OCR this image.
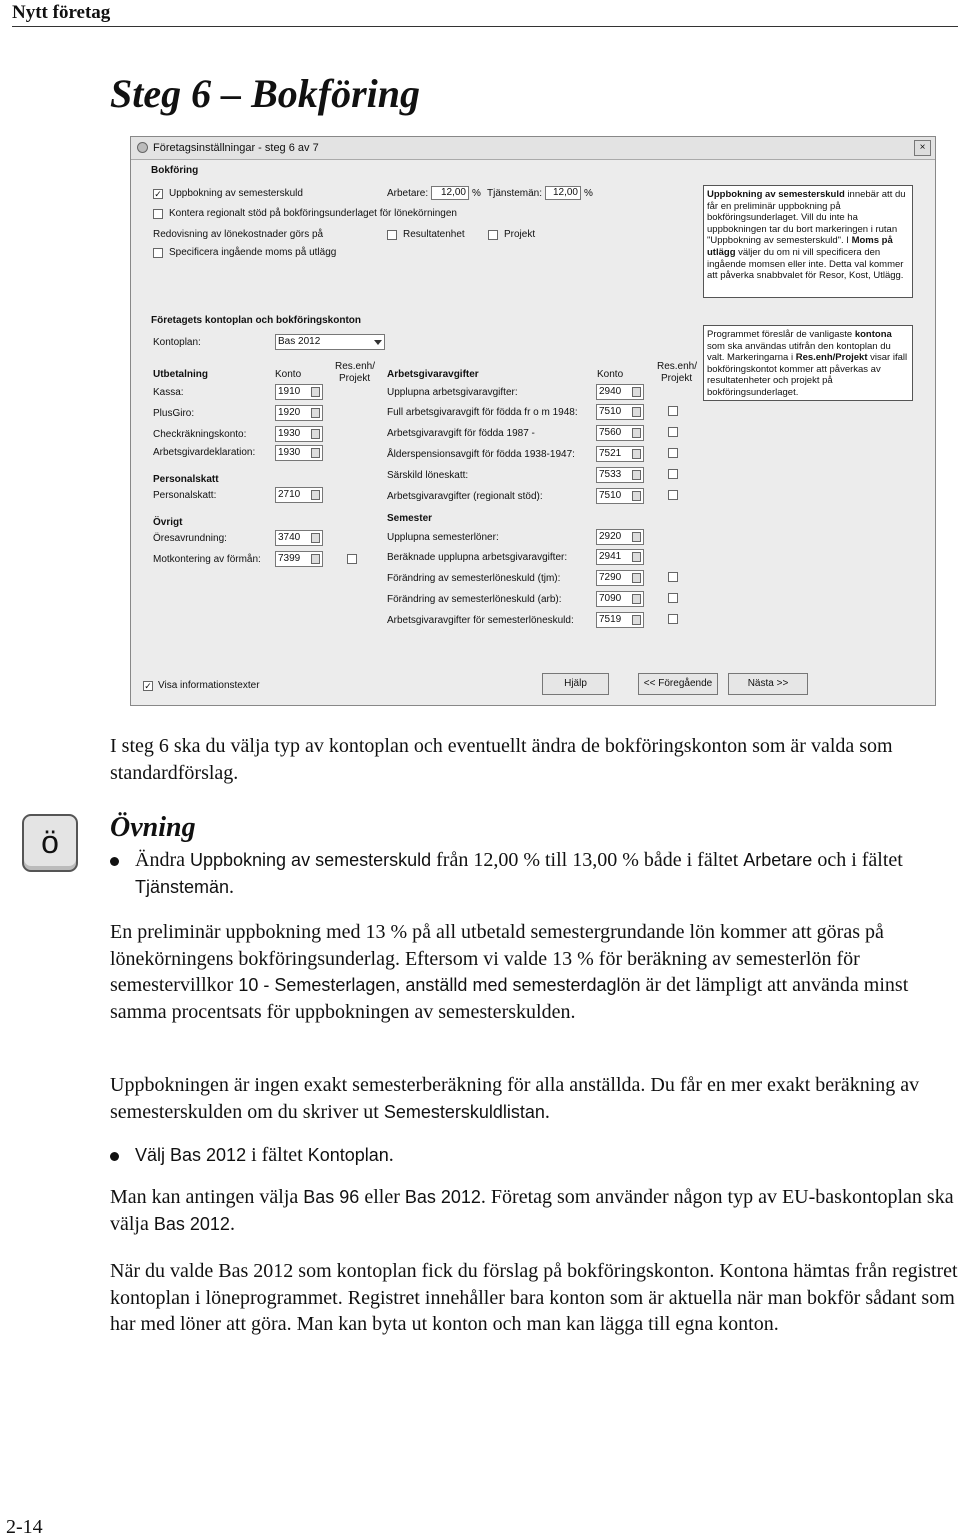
Nytt företag
Steg 6 – Bokföring
Företagsinställningar - steg 6 av 7	×
Bokföring
✓ Uppbokning av semesterskuld
Kontera regionalt stöd på bokföringsunderlaget för lönekörningen
Redovisning av lönekostnader görs på
Specificera ingående moms på utlägg
Arbetare:	12,00 % Tjänstemän:	12,00 %
Resultatenhet	Projekt
Uppbokning av semesterskuld innebär att du får en preliminär uppbokning på bokföringsunderlaget. Vill du inte ha uppbokningen tar du bort markeringen i rutan "Uppbokning av semesterskuld". I Moms på utlägg väljer du om ni vill specificera den ingående momsen eller inte. Detta val kommer att påverka snabbvalet för Resor, Kost, Utlägg.
Företagets kontoplan och bokföringskonton
Kontoplan:	Bas 2012
Programmet föreslår de vanligaste kontona som ska användas utifrån den kontoplan du valt. Markeringarna i Res.enh/Projekt visar ifall bokföringskontot kommer att påverkas av resultatenheter och projekt på bokföringsunderlaget.
Utbetalning	Konto
Res.enh/
Projekt
Kassa:	1910
PlusGiro:	1920
Checkräkningskonto:	1930
Arbetsgivardeklaration: 1930
Personalskatt
Personalskatt:	2710
Övrigt
Öresavrundning:	3740
Motkontering av förmån: 7399
Arbetsgivaravgifter	Konto
Res.enh/
Projekt
Upplupna arbetsgivaravgifter:	2940
Full arbetsgivaravgift för födda fr o m 1948: 7510
Arbetsgivaravgift för födda 1987 -	7560
Ålderspensionsavgift för födda 1938-1947: 7521
Särskild löneskatt:	7533
Arbetsgivaravgifter (regionalt stöd):	7510
Semester
Upplupna semesterlöner:	2920
Beräknade upplupna arbetsgivaravgifter:	2941
Förändring av semesterlöneskuld (tjm):	7290
Förändring av semesterlöneskuld (arb):	7090
Arbetsgivaravgifter för semesterlöneskuld:	7519
✓ Visa informationstexter	Hjälp	<< Föregående	Nästa >>

I steg 6 ska du välja typ av kontoplan och eventuellt ändra de bokföringskonton som är valda som standardförslag.

ö	Övning
Ändra Uppbokning av semesterskuld från 12,00 % till 13,00 % både i fältet Arbetare och i fältet Tjänstemän.

En preliminär uppbokning med 13 % på all utbetald semestergrundande lön kommer att göras på lönekörningens bokföringsunderlag. Eftersom vi valde 13 % för beräkning av semesterlön för semestervillkor 10 - Semesterlagen, anställd med semesterdaglön är det lämpligt att använda minst samma procentsats för uppbokningen av semesterskulden.

Uppbokningen är ingen exakt semesterberäkning för alla anställda. Du får en mer exakt beräkning av semesterskulden om du skriver ut Semesterskuldlistan.

Välj Bas 2012 i fältet Kontoplan.

Man kan antingen välja Bas 96 eller Bas 2012. Företag som använder någon typ av EU-baskontoplan ska välja Bas 2012.

När du valde Bas 2012 som kontoplan fick du förslag på bokföringskonton. Kontona hämtas från registret kontoplan i löneprogrammet. Registret innehåller bara konton som är aktuella när man bokför sådant som har med löner att göra. Man kan byta ut konton och man kan lägga till egna konton.

2-14
